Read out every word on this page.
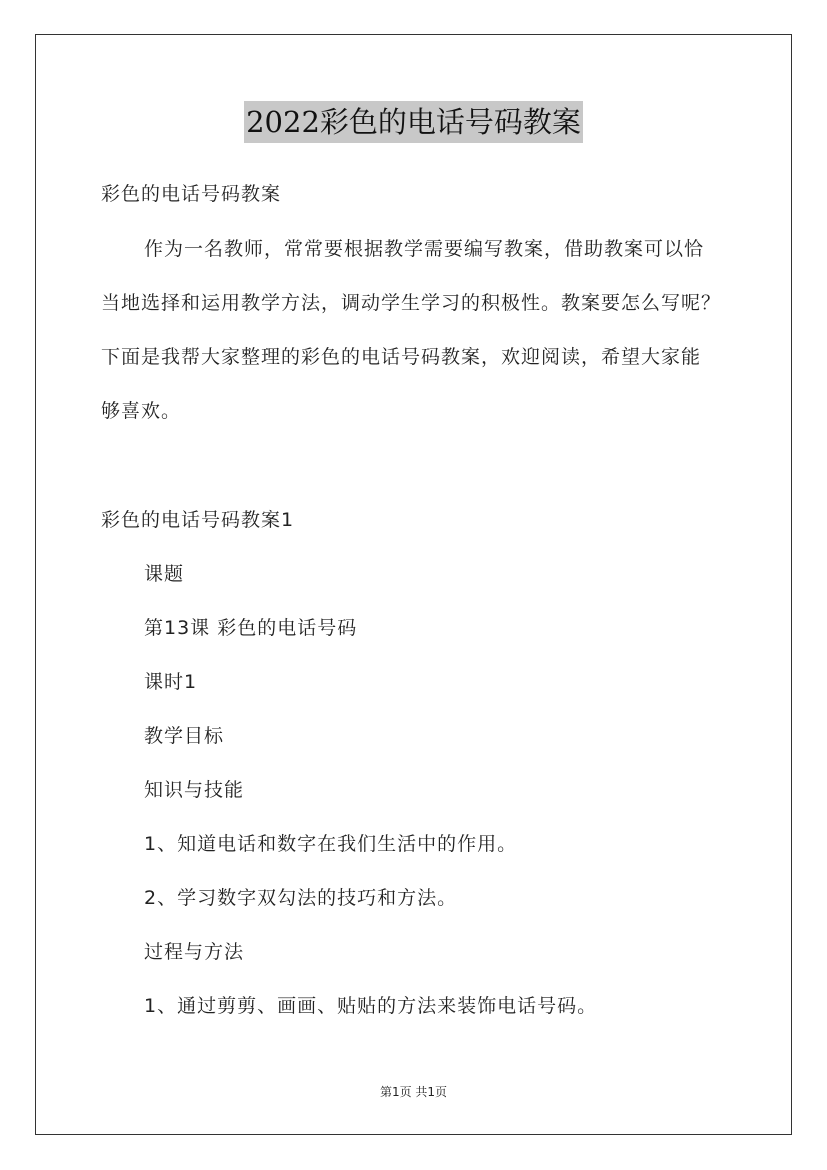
2022彩色的电话号码教案
彩色的电话号码教案
作为一名教师，常常要根据教学需要编写教案，借助教案可以恰
当地选择和运用教学方法，调动学生学习的积极性。教案要怎么写呢？
下面是我帮大家整理的彩色的电话号码教案，欢迎阅读，希望大家能
够喜欢。
彩色的电话号码教案1
课题
第13课 彩色的电话号码
课时1
教学目标
知识与技能
1、知道电话和数字在我们生活中的作用。
2、学习数字双勾法的技巧和方法。
过程与方法
1、通过剪剪、画画、贴贴的方法来装饰电话号码。
第1页 共1页
